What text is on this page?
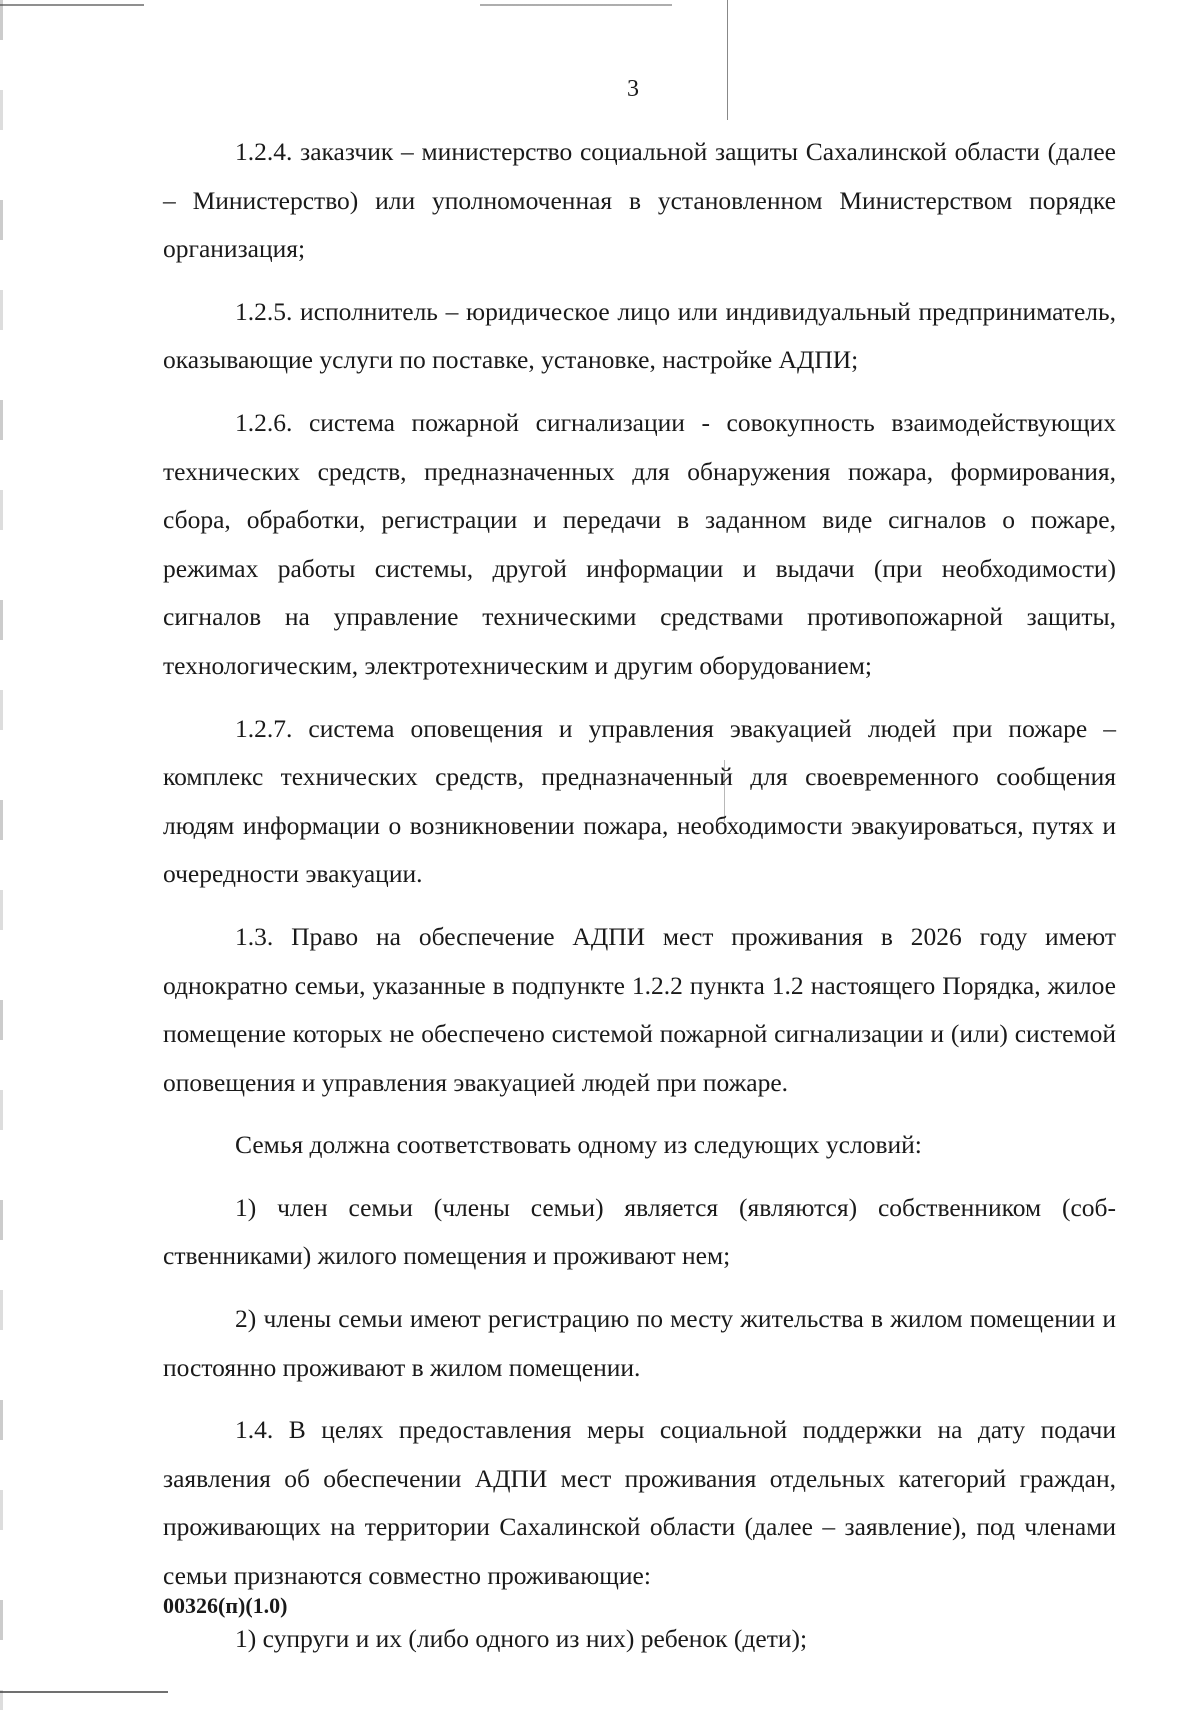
3

1.2.4. заказчик – министерство социальной защиты Сахалинской области (далее – Министерство) или уполномоченная в установленном Министерством порядке организация;

1.2.5. исполнитель – юридическое лицо или индивидуальный предприниматель, оказывающие услуги по поставке, установке, настройке АДПИ;

1.2.6. система пожарной сигнализации - совокупность взаимодействующих технических средств, предназначенных для обнаружения пожара, формирования, сбора, обработки, регистрации и передачи в заданном виде сигналов о пожаре, режимах работы системы, другой информации и выдачи (при необходимости) сигналов на управление техническими средствами противопожарной защиты, технологическим, электротехническим и другим оборудованием;

1.2.7. система оповещения и управления эвакуацией людей при пожаре – комплекс технических средств, предназначенный для своевременного сообщения людям информации о возникновении пожара, необходимости эвакуироваться, путях и очередности эвакуации.

1.3. Право на обеспечение АДПИ мест проживания в 2026 году имеют однократно семьи, указанные в подпункте 1.2.2 пункта 1.2 настоящего Порядка, жилое помещение которых не обеспечено системой пожарной сигнализации и (или) системой оповещения и управления эвакуацией людей при пожаре.

Семья должна соответствовать одному из следующих условий:

1) член семьи (члены семьи) является (являются) собственником (собственниками) жилого помещения и проживают нем;

2) члены семьи имеют регистрацию по месту жительства в жилом помещении и постоянно проживают в жилом помещении.

1.4. В целях предоставления меры социальной поддержки на дату подачи заявления об обеспечении АДПИ мест проживания отдельных категорий граждан, проживающих на территории Сахалинской области (далее – заявление), под членами семьи признаются совместно проживающие:

1) супруги и их (либо одного из них) ребенок (дети);

00326(п)(1.0)
